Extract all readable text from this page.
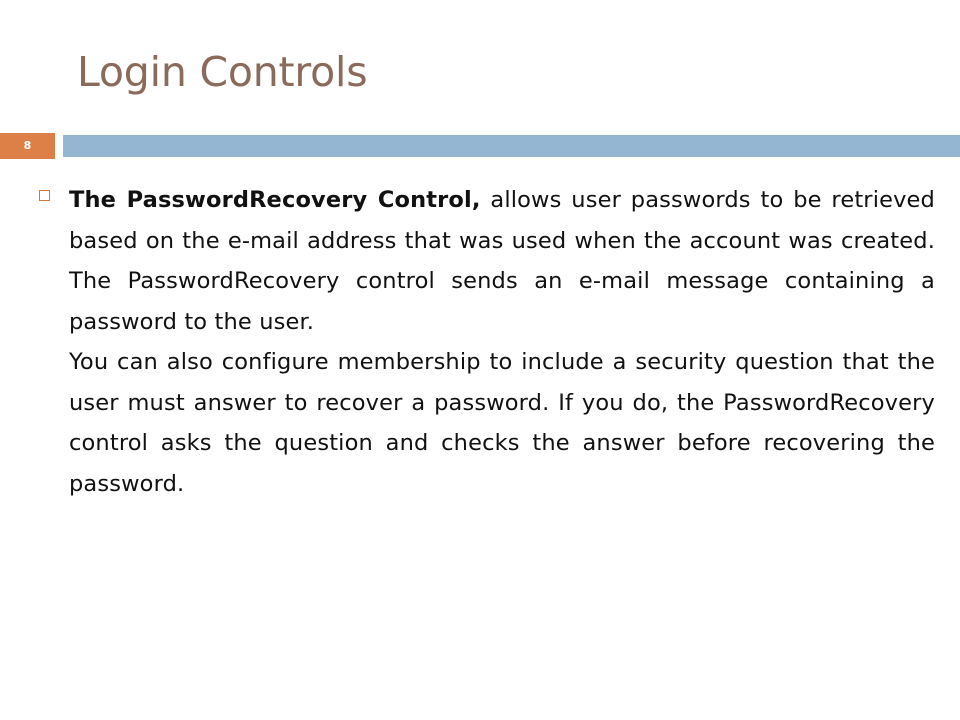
Login Controls
8

The PasswordRecovery Control, allows user passwords to be retrieved based on the e-mail address that was used when the account was created. The PasswordRecovery control sends an e-mail message containing a password to the user.

You can also configure membership to include a security question that the user must answer to recover a password. If you do, the PasswordRecovery control asks the question and checks the answer before recovering the password.
